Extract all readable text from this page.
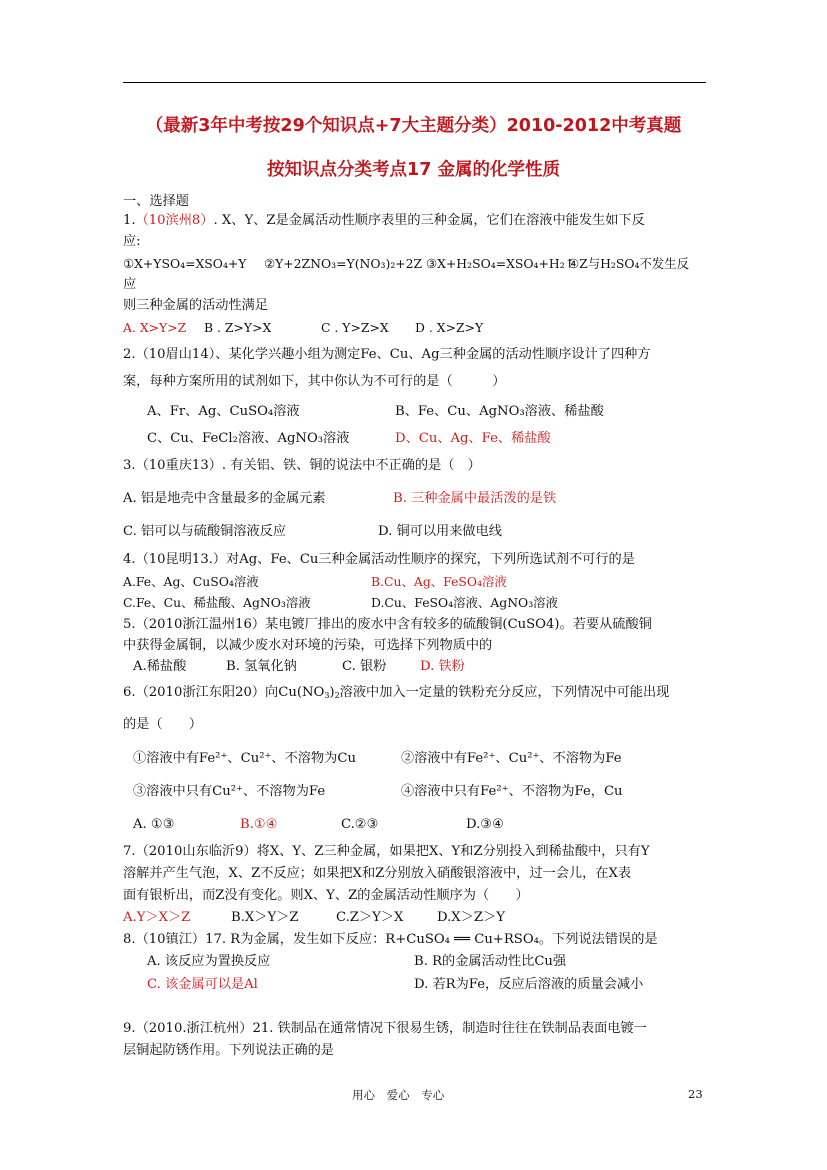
（最新3年中考按29个知识点+7大主题分类）2010-2012中考真题
按知识点分类考点17 金属的化学性质
一、选择题
1.（10滨州8）. X、Y、Z是金属活动性顺序表里的三种金属，它们在溶液中能发生如下反
应:
①X+YSO₄=XSO₄+Y ②Y+2ZNO₃=Y(NO₃)₂+2Z ③X+H₂SO₄=XSO₄+H₂↑
④Z与H₂SO₄不发生反
应
则三种金属的活动性满足
A. X>Y>Z B . Z>Y>X	C . Y>Z>X D . X>Z>Y
2.（10眉山14）、某化学兴趣小组为测定Fe、Cu、Ag三种金属的活动性顺序设计了四种方
案，每种方案所用的试剂如下，其中你认为不可行的是（　　　）
A、Fr、Ag、CuSO₄溶液	B、Fe、Cu、AgNO₃溶液、稀盐酸
C、Cu、FeCl₂溶液、AgNO₃溶液	D、Cu、Ag、Fe、稀盐酸
3.（10重庆13）. 有关铝、铁、铜的说法中不正确的是（　）
A. 铝是地壳中含量最多的金属元素	B. 三种金属中最活泼的是铁
C. 铝可以与硫酸铜溶液反应	D. 铜可以用来做电线
4.（10昆明13.）对Ag、Fe、Cu三种金属活动性顺序的探究，下列所选试剂不可行的是
A.Fe、Ag、CuSO₄溶液	B.Cu、Ag、FeSO₄溶液
C.Fe、Cu、稀盐酸、AgNO₃溶液	D.Cu、FeSO₄溶液、AgNO₃溶液
5.（2010浙江温州16）某电镀厂排出的废水中含有较多的硫酸铜(CuSO4)。若要从硫酸铜
中获得金属铜，以减少废水对环境的污染，可选择下列物质中的
A.稀盐酸	B. 氢氧化钠	C. 银粉	D. 铁粉
6.（2010浙江东阳20）向$Cu(NO_3)_2$溶液中加入一定量的铁粉充分反应，下列情况中可能出现
的是（　　）
①溶液中有Fe²⁺、Cu²⁺、不溶物为Cu	②溶液中有Fe²⁺、Cu²⁺、不溶物为Fe
③溶液中只有Cu²⁺、不溶物为Fe	④溶液中只有Fe²⁺、不溶物为Fe，Cu
A. ①③	B.①④	C.②③	D.③④
7.（2010山东临沂9）将X、Y、Z三种金属，如果把X、Y和Z分别投入到稀盐酸中，只有Y
溶解并产生气泡，X、Z不反应；如果把X和Z分别放入硝酸银溶液中，过一会儿，在X表
面有银析出，而Z没有变化。则X、Y、Z的金属活动性顺序为（　　）
A.Y＞X＞Z	B.X＞Y＞Z	C.Z＞Y＞X	D.X＞Z＞Y
8.（10镇江）17. R为金属，发生如下反应：R+CuSO₄ ══ Cu+RSO₄。下列说法错误的是
A. 该反应为置换反应	B. R的金属活动性比Cu强
C. 该金属可以是Al	D. 若R为Fe，反应后溶液的质量会减小
9.（2010.浙江杭州）21. 铁制品在通常情况下很易生锈，制造时往往在铁制品表面电镀一
层铜起防锈作用。下列说法正确的是
用心 爱心 专心	23
